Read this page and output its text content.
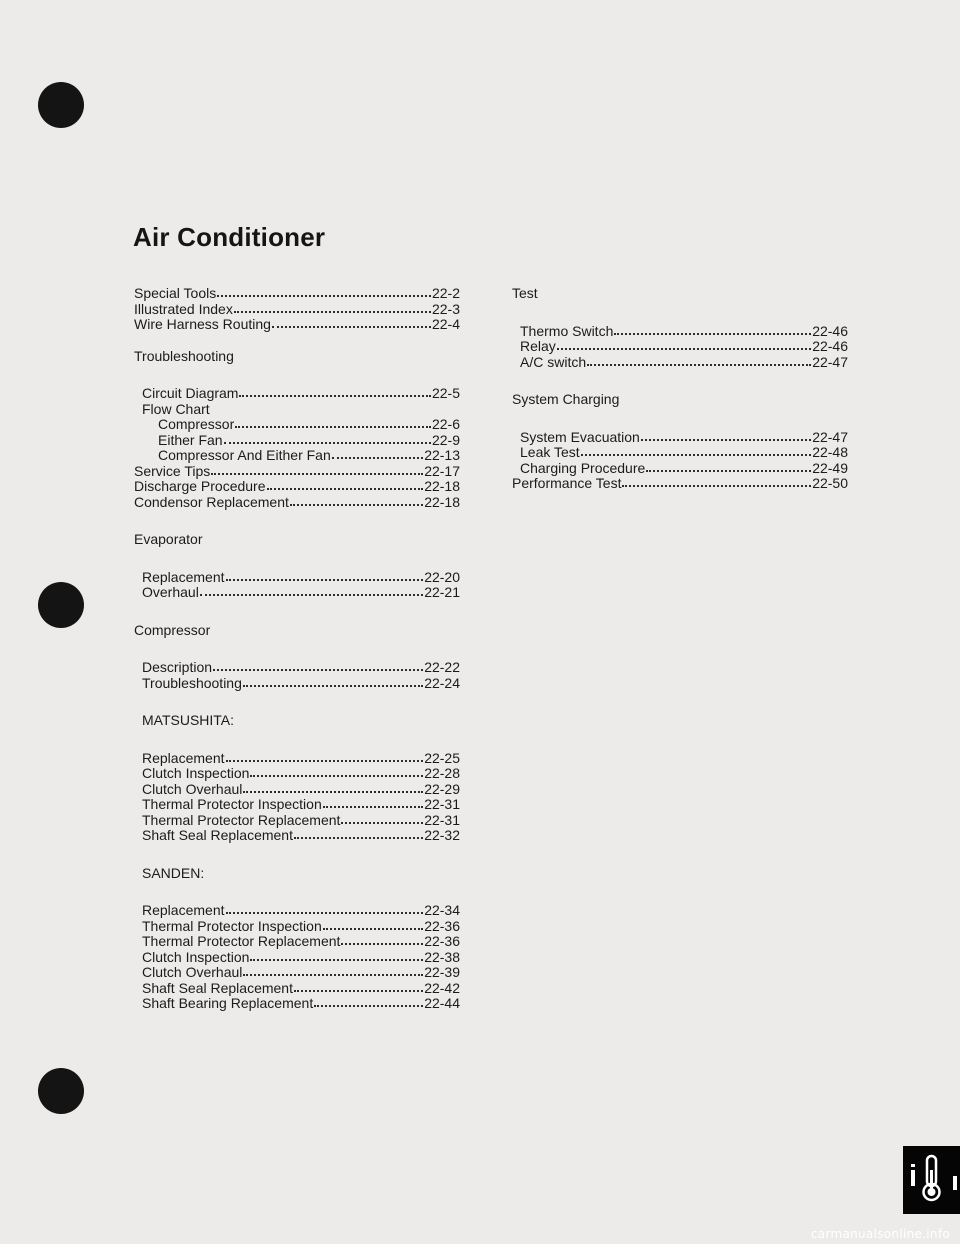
Air Conditioner
Special Tools	22-2
Illustrated Index	22-3
Wire Harness Routing	22-4
Troubleshooting
Circuit Diagram	22-5
Flow Chart
Compressor	22-6
Either Fan	22-9
Compressor And Either Fan	22-13
Service Tips	22-17
Discharge Procedure	22-18
Condensor Replacement	22-18
Evaporator
Replacement	22-20
Overhaul	22-21
Compressor
Description	22-22
Troubleshooting	22-24
MATSUSHITA:
Replacement	22-25
Clutch Inspection	22-28
Clutch Overhaul	22-29
Thermal Protector Inspection	22-31
Thermal Protector Replacement	22-31
Shaft Seal Replacement	22-32
SANDEN:
Replacement	22-34
Thermal Protector Inspection	22-36
Thermal Protector Replacement	22-36
Clutch Inspection	22-38
Clutch Overhaul	22-39
Shaft Seal Replacement	22-42
Shaft Bearing Replacement	22-44
Test
Thermo Switch	22-46
Relay	22-46
A/C switch	22-47
System Charging
System Evacuation	22-47
Leak Test	22-48
Charging Procedure	22-49
Performance Test	22-50
carmanualsonline.info
